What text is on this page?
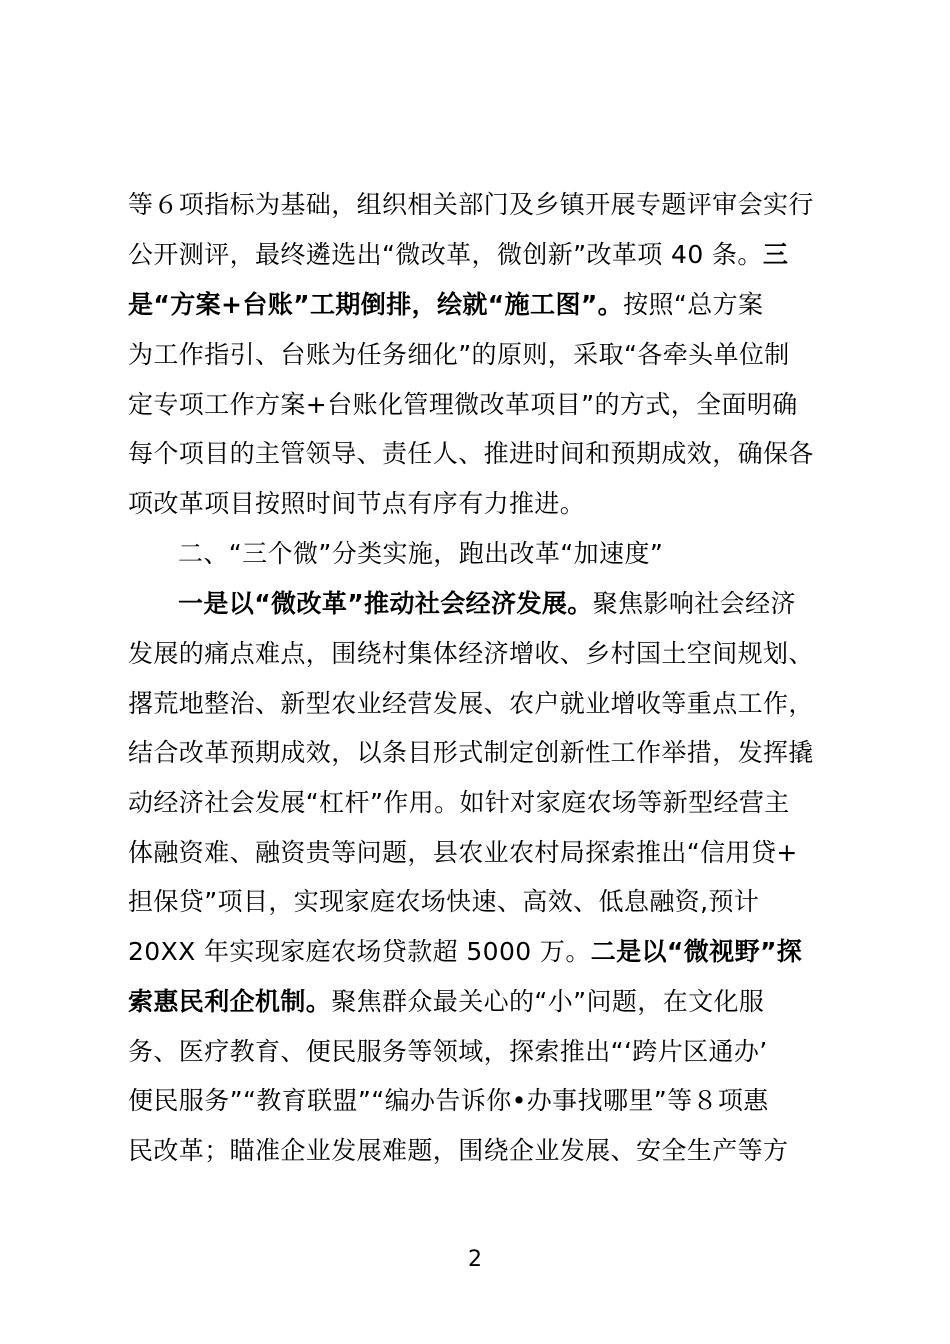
等６项指标为基础，组织相关部门及乡镇开展专题评审会实行
公开测评，最终遴选出“微改革，微创新”改革项 40 条。三
是“方案+台账”工期倒排，绘就“施工图”。按照“总方案
为工作指引、台账为任务细化”的原则，采取“各牵头单位制
定专项工作方案+台账化管理微改革项目”的方式，全面明确
每个项目的主管领导、责任人、推进时间和预期成效，确保各
项改革项目按照时间节点有序有力推进。
二、“三个微”分类实施，跑出改革“加速度”
一是以“微改革”推动社会经济发展。聚焦影响社会经济
发展的痛点难点，围绕村集体经济增收、乡村国土空间规划、
撂荒地整治、新型农业经营发展、农户就业增收等重点工作，
结合改革预期成效，以条目形式制定创新性工作举措，发挥撬
动经济社会发展“杠杆”作用。如针对家庭农场等新型经营主
体融资难、融资贵等问题，县农业农村局探索推出“信用贷+
担保贷”项目，实现家庭农场快速、高效、低息融资,预计
20XX 年实现家庭农场贷款超 5000 万。二是以“微视野”探
索惠民利企机制。聚焦群众最关心的“小”问题，在文化服
务、医疗教育、便民服务等领域，探索推出“‘跨片区通办’
便民服务”“教育联盟”“编办告诉你•办事找哪里”等８项惠
民改革；瞄准企业发展难题，围绕企业发展、安全生产等方
2
